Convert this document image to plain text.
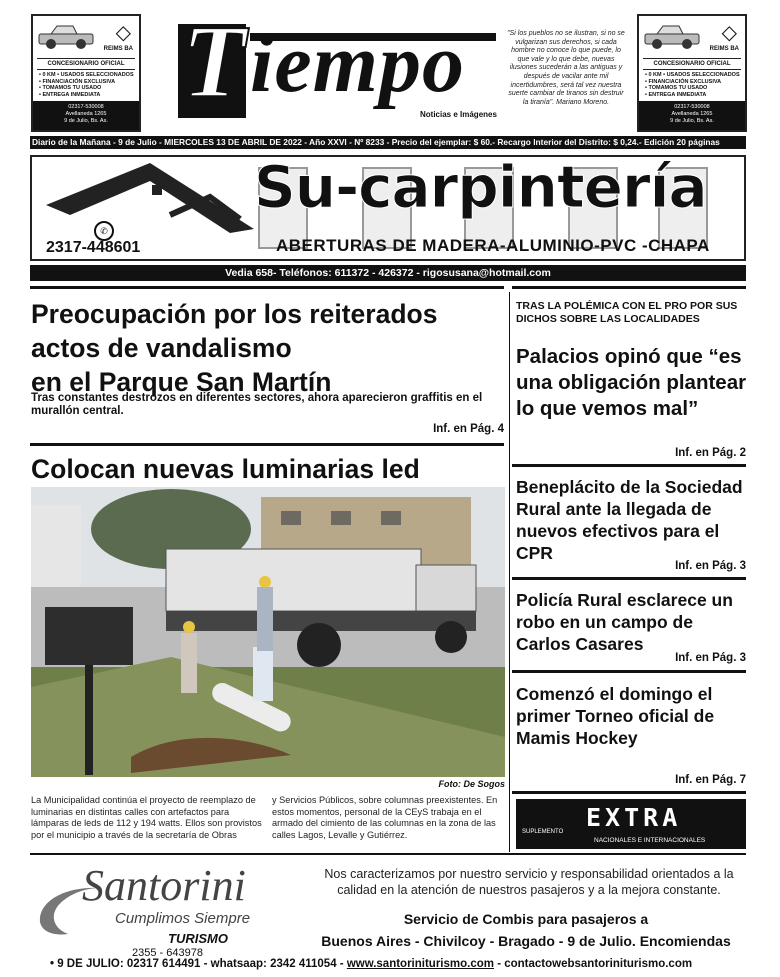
◇
REIMS BA
CONCESIONARIO OFICIAL
• 0 KM • USADOS SELECCIONADOS
• FINANCIACIÓN EXCLUSIVA
• TOMAMOS TU USADO
• ENTREGA INMEDIATA
02317-530008
Avellaneda 1265
9 de Julio, Bs. As.
◇
REIMS BA
CONCESIONARIO OFICIAL
• 0 KM • USADOS SELECCIONADOS
• FINANCIACIÓN EXCLUSIVA
• TOMAMOS TU USADO
• ENTREGA INMEDIATA
02317-530008
Avellaneda 1265
9 de Julio, Bs. As.
T iempo
Noticias e Imágenes
"Si los pueblos no se ilustran, si no se vulgarizan sus derechos, si cada hombre no conoce lo que puede, lo que vale y lo que debe, nuevas ilusiones sucederán a las antiguas y después de vacilar ante mil incertidumbres, será tal vez nuestra suerte cambiar de tiranos sin destruir la tiranía". Mariano Moreno.
Diario de la Mañana - 9 de Julio - MIERCOLES 13 DE ABRIL DE 2022 - Año XXVI - Nº 8233 - Precio del ejemplar: $ 60.- Recargo Interior del Distrito: $ 0,24.- Edición 20 páginas
Su-carpintería
✆
2317-448601	ABERTURAS DE MADERA-ALUMINIO-PVC -CHAPA
Vedia 658- Teléfonos: 611372 - 426372 - rigosusana@hotmail.com
Preocupación por los reiterados
actos de vandalismo
en el Parque San Martín
Tras constantes destrozos en diferentes sectores, ahora aparecieron graffitis en el murallón central.
Inf. en Pág. 4
Colocan nuevas luminarias led
Foto: De Sogos
La Municipalidad continúa el proyecto de reemplazo de luminarias en distintas calles con artefactos para lámparas de leds de 112 y 194 watts. Ellos son provistos por el municipio a través de la secretaría de Obras
y Servicios Públicos, sobre columnas preexistentes. En estos momentos, personal de la CEyS trabaja en el armado del cimiento de las columnas en la zona de las calles Lagos, Levalle y Gutiérrez.
TRAS LA POLÉMICA CON EL PRO POR SUS DICHOS SOBRE LAS LOCALIDADES
Palacios opinó que “es una obligación plantear lo que vemos mal”
Inf. en Pág. 2
Beneplácito de la Sociedad Rural ante la llegada de nuevos efectivos para el CPR
Inf. en Pág. 3
Policía Rural esclarece un robo en un campo de Carlos Casares
Inf. en Pág. 3
Comenzó el domingo el primer Torneo oficial de Mamis Hockey
Inf. en Pág. 7
EXTRA
SUPLEMENTO
NACIONALES E INTERNACIONALES
Santorini
Cumplimos Siempre
TURISMO
2355 - 643978
Nos caracterizamos por nuestro servicio y responsabilidad orientados a la calidad en la atención de nuestros pasajeros y a la mejora constante.
Servicio de Combis para pasajeros a
Buenos Aires - Chivilcoy - Bragado - 9 de Julio. Encomiendas
• 9 DE JULIO: 02317 614491 - whatsaap: 2342 411054 - www.santoriniturismo.com - contactowebsantoriniturismo.com
